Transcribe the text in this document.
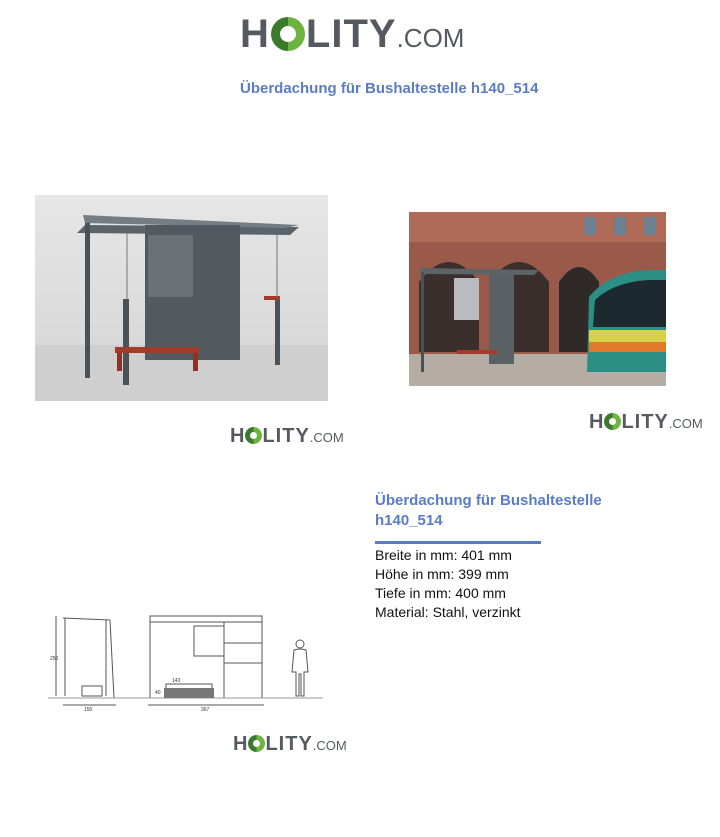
H LITY .COM
Überdachung für Bushaltestelle h140_514
H LITY .COM
H LITY .COM
Überdachung für Bushaltestelle h140_514
Breite in mm: 401 mm
Höhe in mm: 399 mm
Tiefe in mm: 400 mm
Material: Stahl, verzinkt
250
150	367
143
40
H LITY .COM
